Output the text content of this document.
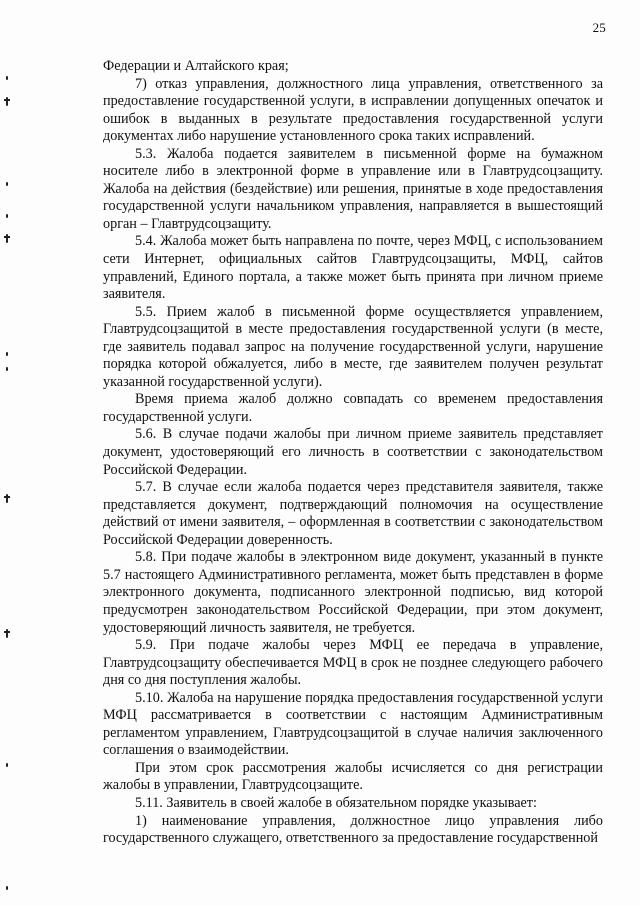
25

Федерации и Алтайского края;

7) отказ управления, должностного лица управления, ответственного за предоставление государственной услуги, в исправлении допущенных опечаток и ошибок в выданных в результате предоставления государственной услуги документах либо нарушение установленного срока таких исправлений.

5.3. Жалоба подается заявителем в письменной форме на бумажном носителе либо в электронной форме в управление или в Главтрудсоцзащиту. Жалоба на действия (бездействие) или решения, принятые в ходе предоставления государственной услуги начальником управления, направляется в вышестоящий орган – Главтрудсоцзащиту.

5.4. Жалоба может быть направлена по почте, через МФЦ, с использованием сети Интернет, официальных сайтов Главтрудсоцзащиты, МФЦ, сайтов управлений, Единого портала, а также может быть принята при личном приеме заявителя.

5.5. Прием жалоб в письменной форме осуществляется управлением, Главтрудсоцзащитой в месте предоставления государственной услуги (в месте, где заявитель подавал запрос на получение государственной услуги, нарушение порядка которой обжалуется, либо в месте, где заявителем получен результат указанной государственной услуги).

Время приема жалоб должно совпадать со временем предоставления государственной услуги.

5.6. В случае подачи жалобы при личном приеме заявитель представляет документ, удостоверяющий его личность в соответствии с законодательством Российской Федерации.

5.7. В случае если жалоба подается через представителя заявителя, также представляется документ, подтверждающий полномочия на осуществление действий от имени заявителя, – оформленная в соответствии с законодательством Российской Федерации доверенность.

5.8. При подаче жалобы в электронном виде документ, указанный в пункте 5.7 настоящего Административного регламента, может быть представлен в форме электронного документа, подписанного электронной подписью, вид которой предусмотрен законодательством Российской Федерации, при этом документ, удостоверяющий личность заявителя, не требуется.

5.9. При подаче жалобы через МФЦ ее передача в управление, Главтрудсоцзащиту обеспечивается МФЦ в срок не позднее следующего рабочего дня со дня поступления жалобы.

5.10. Жалоба на нарушение порядка предоставления государственной услуги МФЦ рассматривается в соответствии с настоящим Административным регламентом управлением, Главтрудсоцзащитой в случае наличия заключенного соглашения о взаимодействии.

При этом срок рассмотрения жалобы исчисляется со дня регистрации жалобы в управлении, Главтрудсоцзащите.

5.11. Заявитель в своей жалобе в обязательном порядке указывает:

1) наименование управления, должностное лицо управления либо государственного служащего, ответственного за предоставление государственной
